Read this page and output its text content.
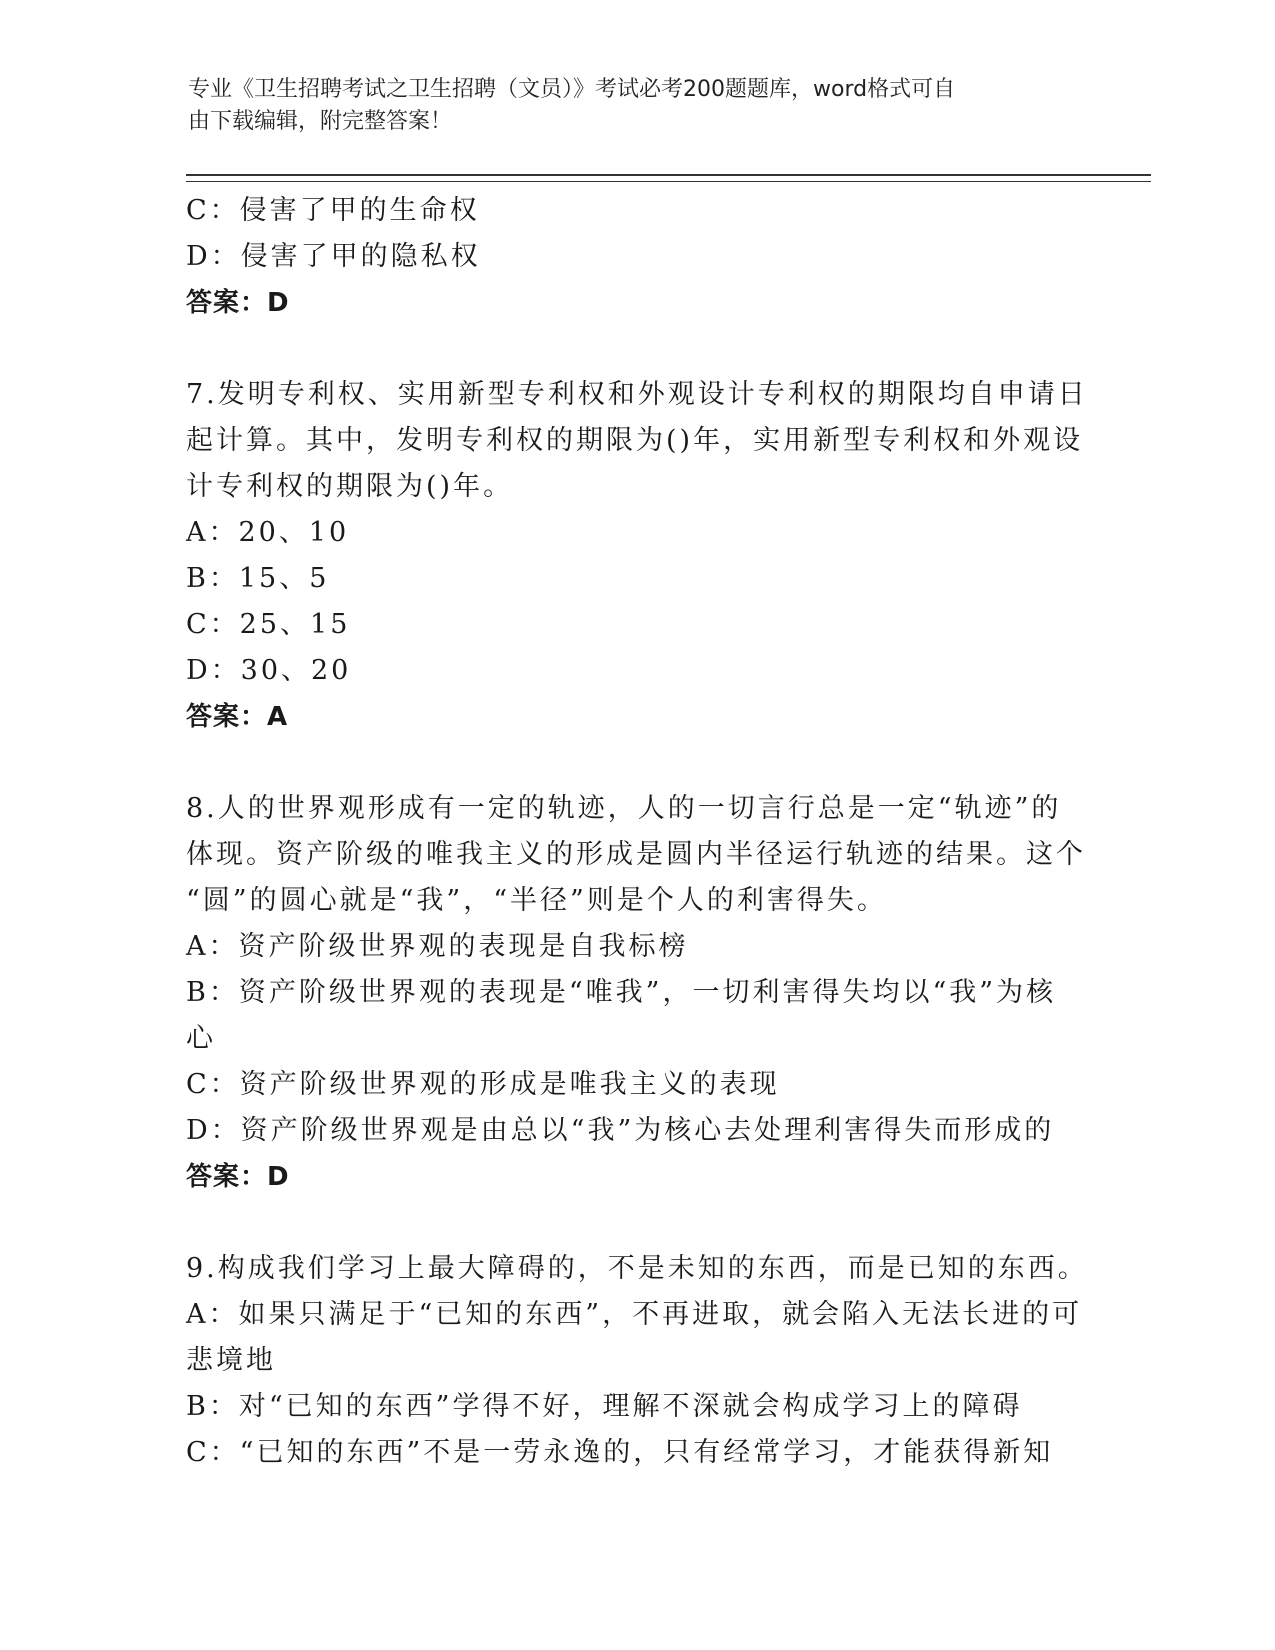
专业《卫生招聘考试之卫生招聘（文员）》考试必考200题题库，word格式可自
由下载编辑，附完整答案！
C：侵害了甲的生命权
D：侵害了甲的隐私权
答案：D
7.发明专利权、实用新型专利权和外观设计专利权的期限均自申请日
起计算。其中，发明专利权的期限为()年，实用新型专利权和外观设
计专利权的期限为()年。
A：20、10
B：15、5
C：25、15
D：30、20
答案：A
8.人的世界观形成有一定的轨迹，人的一切言行总是一定“轨迹”的
体现。资产阶级的唯我主义的形成是圆内半径运行轨迹的结果。这个
“圆”的圆心就是“我”，“半径”则是个人的利害得失。
A：资产阶级世界观的表现是自我标榜
B：资产阶级世界观的表现是“唯我”，一切利害得失均以“我”为核
心
C：资产阶级世界观的形成是唯我主义的表现
D：资产阶级世界观是由总以“我”为核心去处理利害得失而形成的
答案：D
9.构成我们学习上最大障碍的，不是未知的东西，而是已知的东西。
A：如果只满足于“已知的东西”，不再进取，就会陷入无法长进的可
悲境地
B：对“已知的东西”学得不好，理解不深就会构成学习上的障碍
C：“已知的东西”不是一劳永逸的，只有经常学习，才能获得新知
